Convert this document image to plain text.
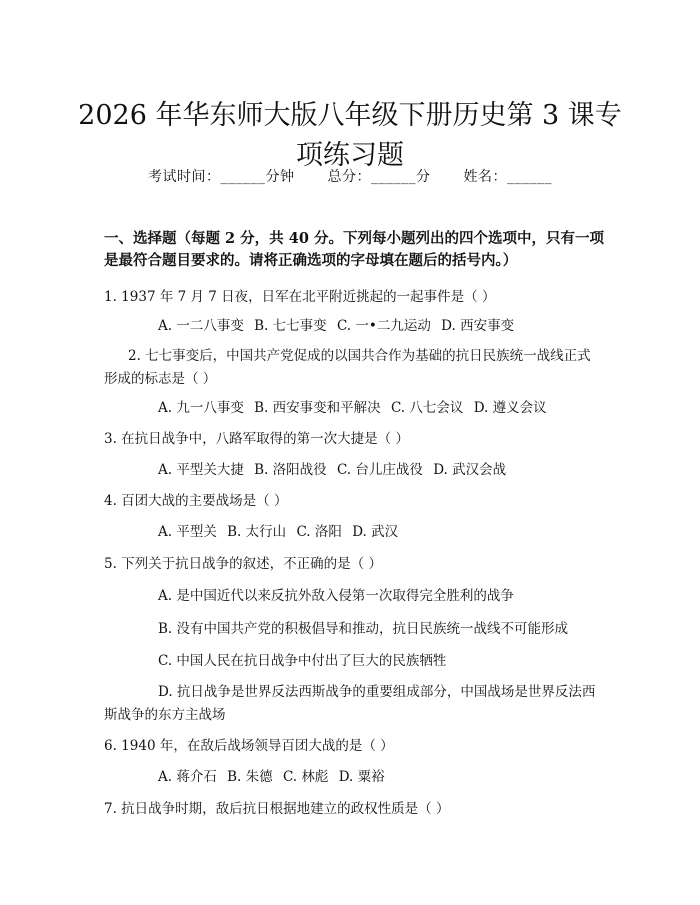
2026 年华东师大版八年级下册历史第 3 课专
项练习题
考试时间：______分钟 总分：______分 姓名：______
一、选择题（每题 2 分，共 40 分。下列每小题列出的四个选项中，只有一项是最符合题目要求的。请将正确选项的字母填在题后的括号内。）
1. 1937 年 7 月 7 日夜，日军在北平附近挑起的一起事件是（ ）
A. 一二八事变 B. 七七事变 C. 一•二九运动 D. 西安事变
2. 七七事变后，中国共产党促成的以国共合作为基础的抗日民族统一战线正式形成的标志是（ ）
A. 九一八事变 B. 西安事变和平解决 C. 八七会议 D. 遵义会议
3. 在抗日战争中，八路军取得的第一次大捷是（ ）
A. 平型关大捷 B. 洛阳战役 C. 台儿庄战役 D. 武汉会战
4. 百团大战的主要战场是（ ）
A. 平型关 B. 太行山 C. 洛阳 D. 武汉
5. 下列关于抗日战争的叙述，不正确的是（ ）
A. 是中国近代以来反抗外敌入侵第一次取得完全胜利的战争
B. 没有中国共产党的积极倡导和推动，抗日民族统一战线不可能形成
C. 中国人民在抗日战争中付出了巨大的民族牺牲
D. 抗日战争是世界反法西斯战争的重要组成部分，中国战场是世界反法西斯战争的东方主战场
6. 1940 年，在敌后战场领导百团大战的是（ ）
A. 蒋介石 B. 朱德 C. 林彪 D. 粟裕
7. 抗日战争时期，敌后抗日根据地建立的政权性质是（ ）
